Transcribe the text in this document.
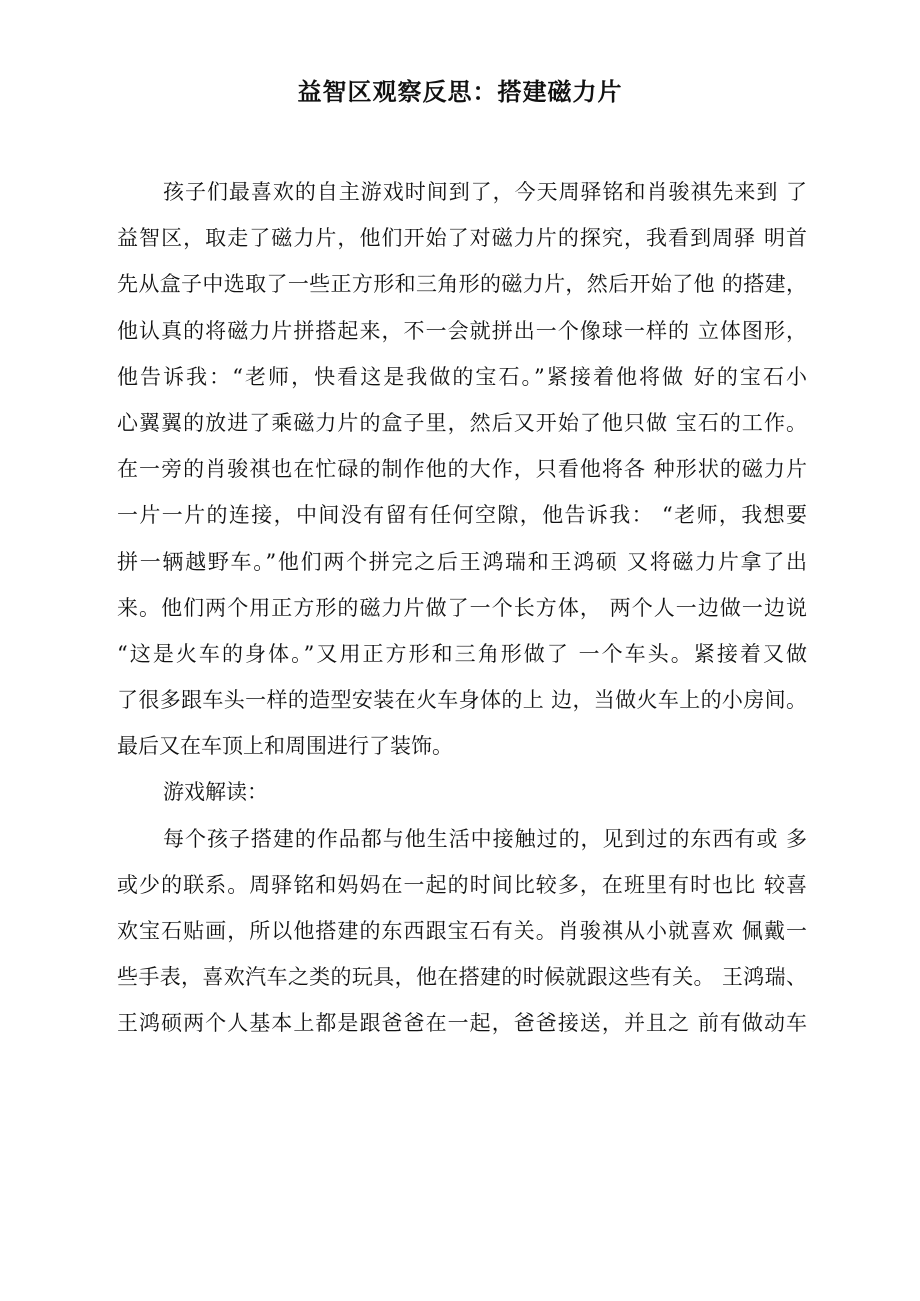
益智区观察反思：搭建磁力片
孩子们最喜欢的自主游戏时间到了，今天周驿铭和肖骏祺先来到 了
益智区，取走了磁力片，他们开始了对磁力片的探究，我看到周驿 明首
先从盒子中选取了一些正方形和三角形的磁力片，然后开始了他 的搭建，
他认真的将磁力片拼搭起来，不一会就拼出一个像球一样的 立体图形，
他告诉我：“老师，快看这是我做的宝石。”紧接着他将做 好的宝石小
心翼翼的放进了乘磁力片的盒子里，然后又开始了他只做 宝石的工作。
在一旁的肖骏祺也在忙碌的制作他的大作，只看他将各 种形状的磁力片
一片一片的连接，中间没有留有任何空隙，他告诉我： “老师，我想要
拼一辆越野车。”他们两个拼完之后王鸿瑞和王鸿硕 又将磁力片拿了出
来。他们两个用正方形的磁力片做了一个长方体， 两个人一边做一边说
“这是火车的身体。”又用正方形和三角形做了 一个车头。紧接着又做
了很多跟车头一样的造型安装在火车身体的上 边，当做火车上的小房间。
最后又在车顶上和周围进行了装饰。
游戏解读：
每个孩子搭建的作品都与他生活中接触过的，见到过的东西有或 多
或少的联系。周驿铭和妈妈在一起的时间比较多，在班里有时也比 较喜
欢宝石贴画，所以他搭建的东西跟宝石有关。肖骏祺从小就喜欢 佩戴一
些手表，喜欢汽车之类的玩具，他在搭建的时候就跟这些有关。 王鸿瑞、
王鸿硕两个人基本上都是跟爸爸在一起，爸爸接送，并且之 前有做动车
